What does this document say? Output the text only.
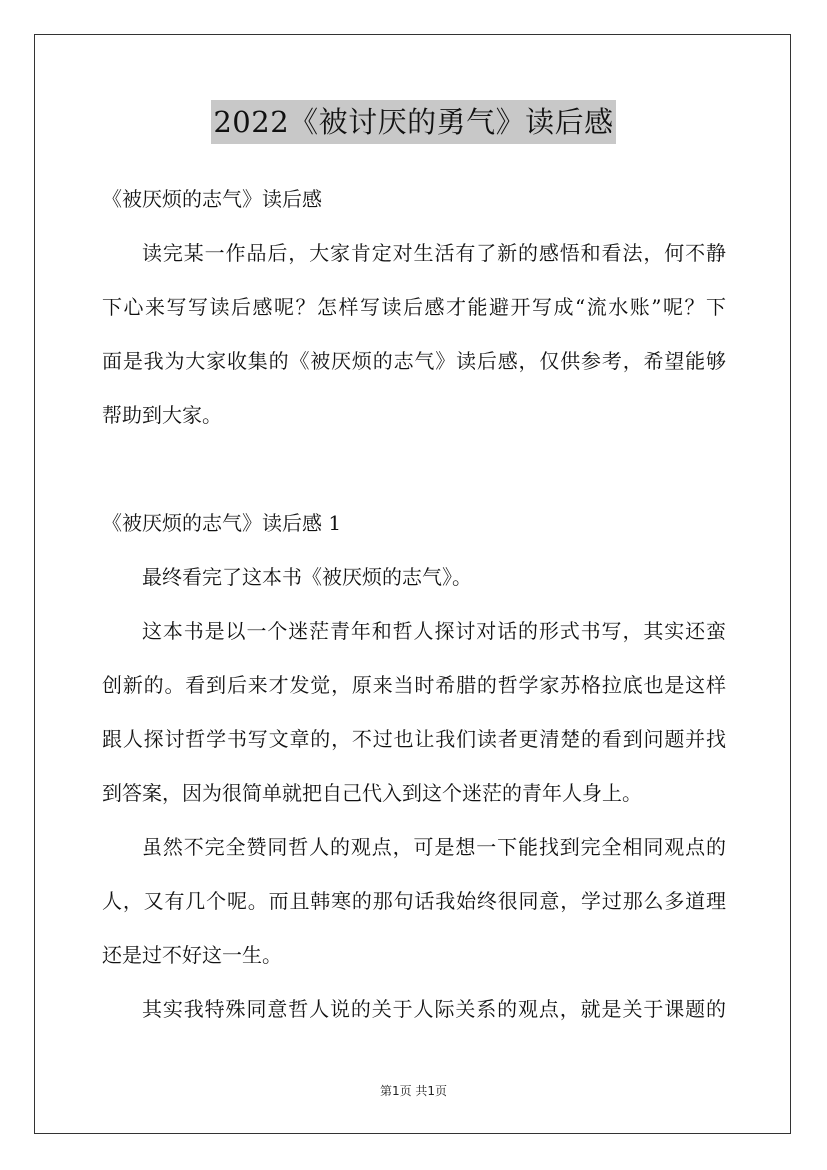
2022《被讨厌的勇气》读后感
《被厌烦的志气》读后感
读完某一作品后，大家肯定对生活有了新的感悟和看法，何不静
下心来写写读后感呢？怎样写读后感才能避开写成“流水账”呢？下
面是我为大家收集的《被厌烦的志气》读后感，仅供参考，希望能够
帮助到大家。
《被厌烦的志气》读后感 1
最终看完了这本书《被厌烦的志气》。
这本书是以一个迷茫青年和哲人探讨对话的形式书写，其实还蛮
创新的。看到后来才发觉，原来当时希腊的哲学家苏格拉底也是这样
跟人探讨哲学书写文章的，不过也让我们读者更清楚的看到问题并找
到答案，因为很简单就把自己代入到这个迷茫的青年人身上。
虽然不完全赞同哲人的观点，可是想一下能找到完全相同观点的
人，又有几个呢。而且韩寒的那句话我始终很同意，学过那么多道理
还是过不好这一生。
其实我特殊同意哲人说的关于人际关系的观点，就是关于课题的
第1页 共1页
